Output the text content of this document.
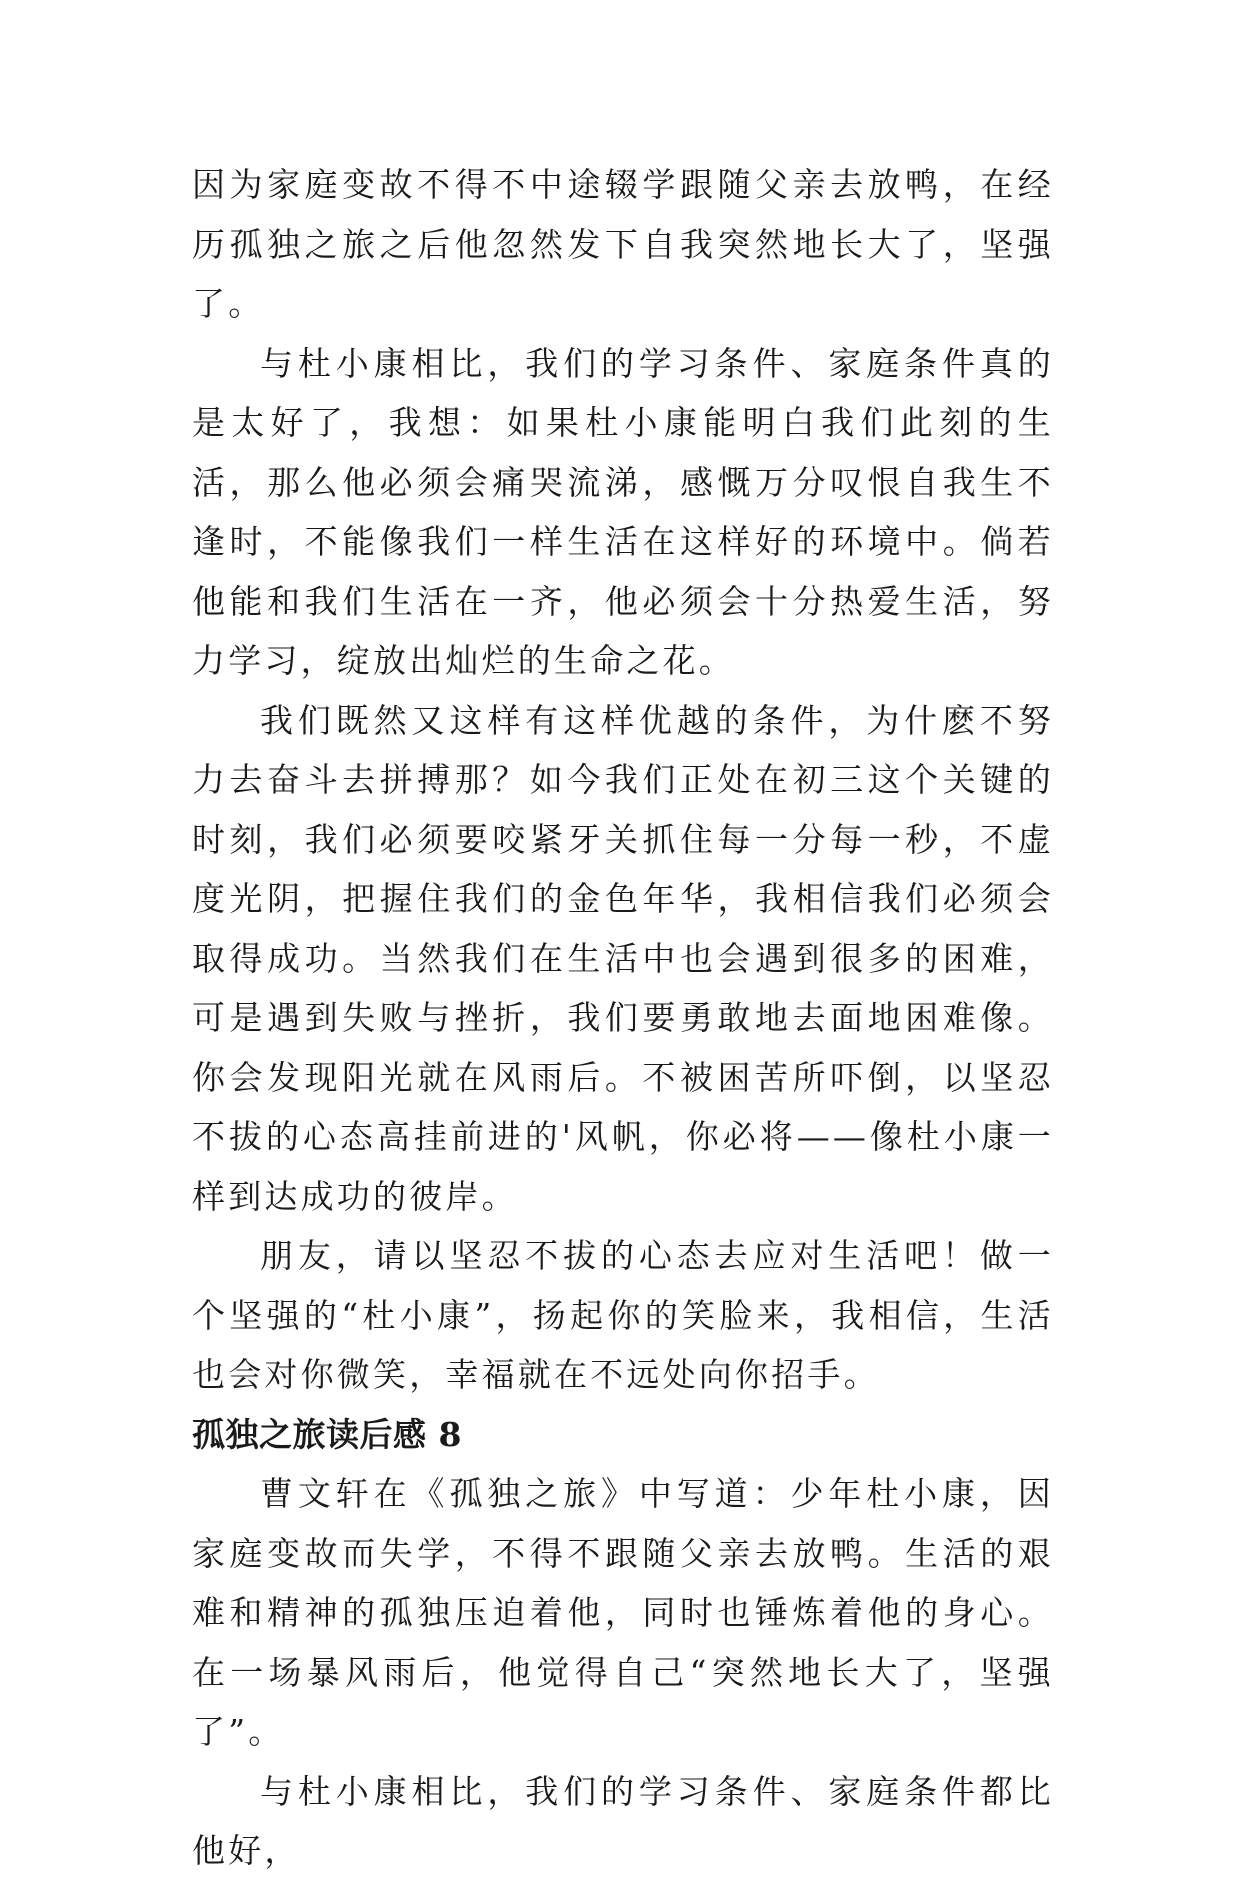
因为家庭变故不得不中途辍学跟随父亲去放鸭，在经历孤独之旅之后他忽然发下自我突然地长大了，坚强了。

与杜小康相比，我们的学习条件、家庭条件真的是太好了，我想：如果杜小康能明白我们此刻的生活，那么他必须会痛哭流涕，感慨万分叹恨自我生不逢时，不能像我们一样生活在这样好的环境中。倘若他能和我们生活在一齐，他必须会十分热爱生活，努力学习，绽放出灿烂的生命之花。

我们既然又这样有这样优越的条件，为什麽不努力去奋斗去拼搏那？如今我们正处在初三这个关键的时刻，我们必须要咬紧牙关抓住每一分每一秒，不虚度光阴，把握住我们的金色年华，我相信我们必须会取得成功。当然我们在生活中也会遇到很多的困难，可是遇到失败与挫折，我们要勇敢地去面地困难像。你会发现阳光就在风雨后。不被困苦所吓倒，以坚忍不拔的心态高挂前进的'风帆，你必将——像杜小康一样到达成功的彼岸。

朋友，请以坚忍不拔的心态去应对生活吧！做一个坚强的“杜小康”，扬起你的笑脸来，我相信，生活也会对你微笑，幸福就在不远处向你招手。

孤独之旅读后感 8

曹文轩在《孤独之旅》中写道：少年杜小康，因家庭变故而失学，不得不跟随父亲去放鸭。生活的艰难和精神的孤独压迫着他，同时也锤炼着他的身心。在一场暴风雨后，他觉得自己“突然地长大了，坚强了”。

与杜小康相比，我们的学习条件、家庭条件都比他好，
